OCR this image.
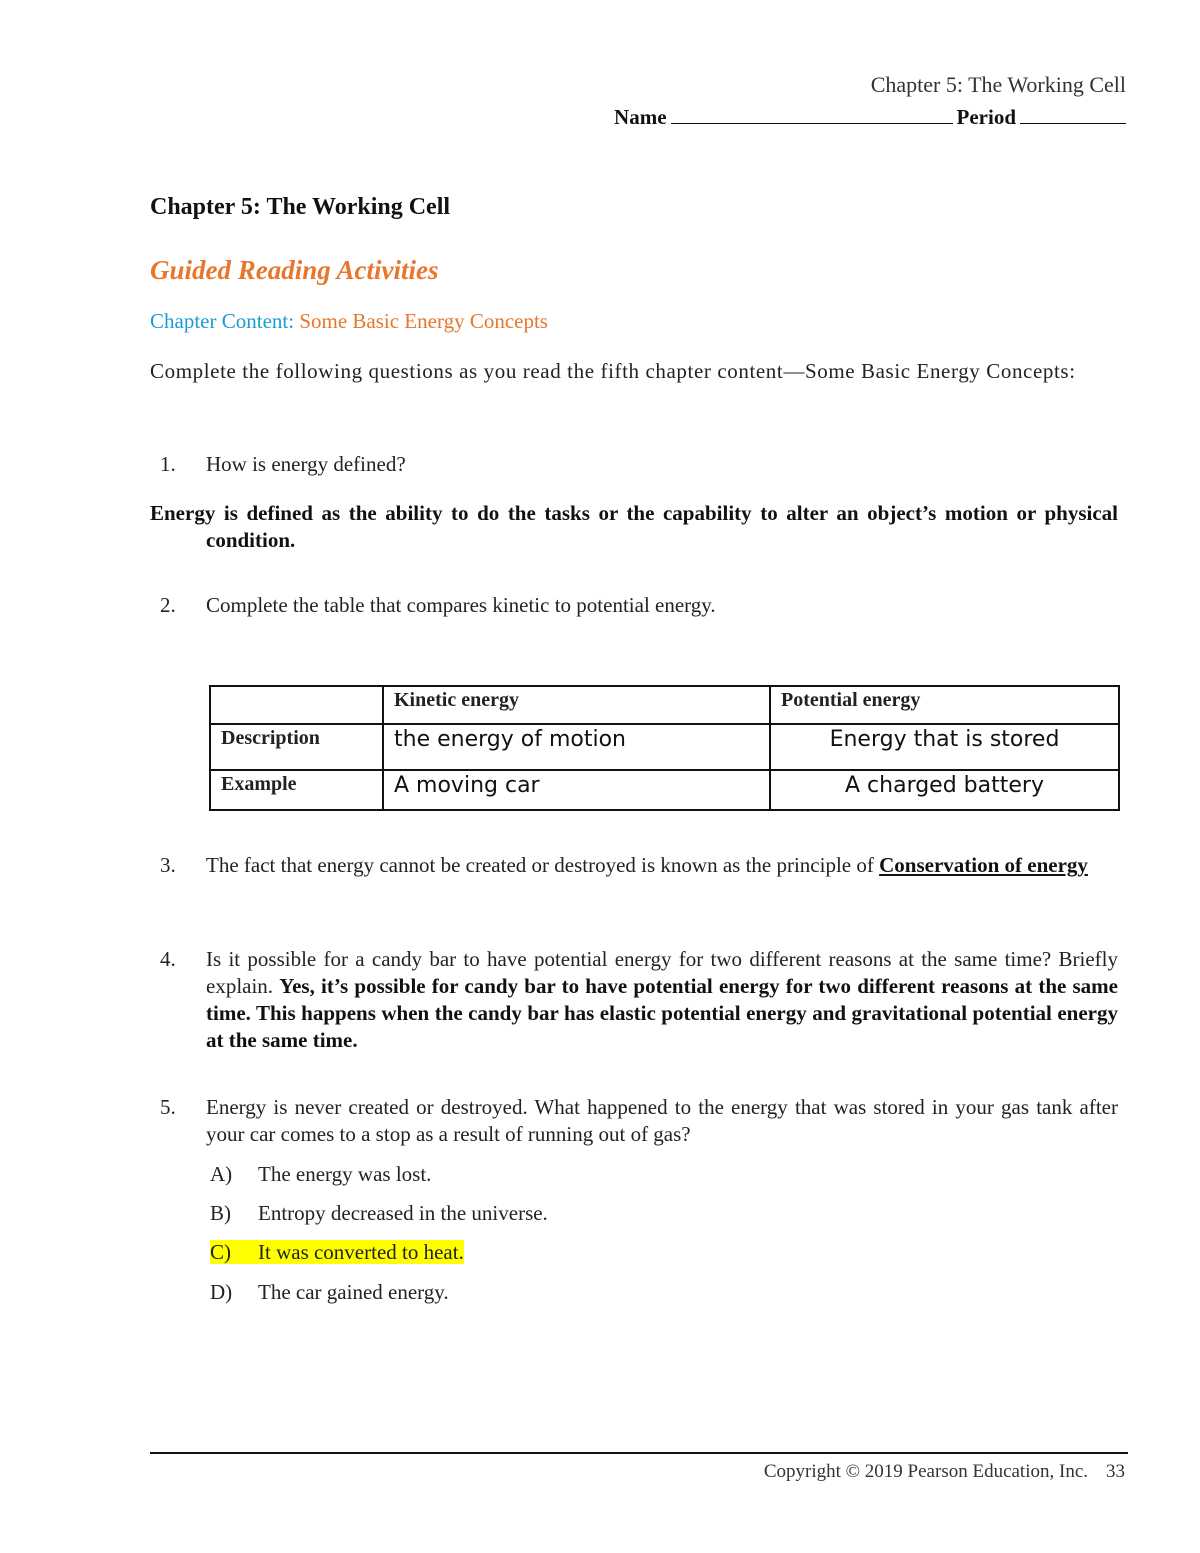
Chapter 5: The Working Cell
Name	Period
Chapter 5: The Working Cell
Guided Reading Activities
Chapter Content: Some Basic Energy Concepts
Complete the following questions as you read the fifth chapter content—Some Basic Energy Concepts:
1. How is energy defined?
Energy is defined as the ability to do the tasks or the capability to alter an object’s motion or physical condition.
2. Complete the table that compares kinetic to potential energy.
	Kinetic energy	Potential energy
Description	the energy of motion	Energy that is stored
Example	A moving car	A charged battery
3. The fact that energy cannot be created or destroyed is known as the principle of Conservation of energy
4. Is it possible for a candy bar to have potential energy for two different reasons at the same time? Briefly explain. Yes, it’s possible for candy bar to have potential energy for two different reasons at the same time. This happens when the candy bar has elastic potential energy and gravitational potential energy at the same time.
5. Energy is never created or destroyed. What happened to the energy that was stored in your gas tank after your car comes to a stop as a result of running out of gas?
A) The energy was lost.
B) Entropy decreased in the universe.
C) It was converted to heat.
D) The car gained energy.
Copyright © 2019 Pearson Education, Inc. 33
